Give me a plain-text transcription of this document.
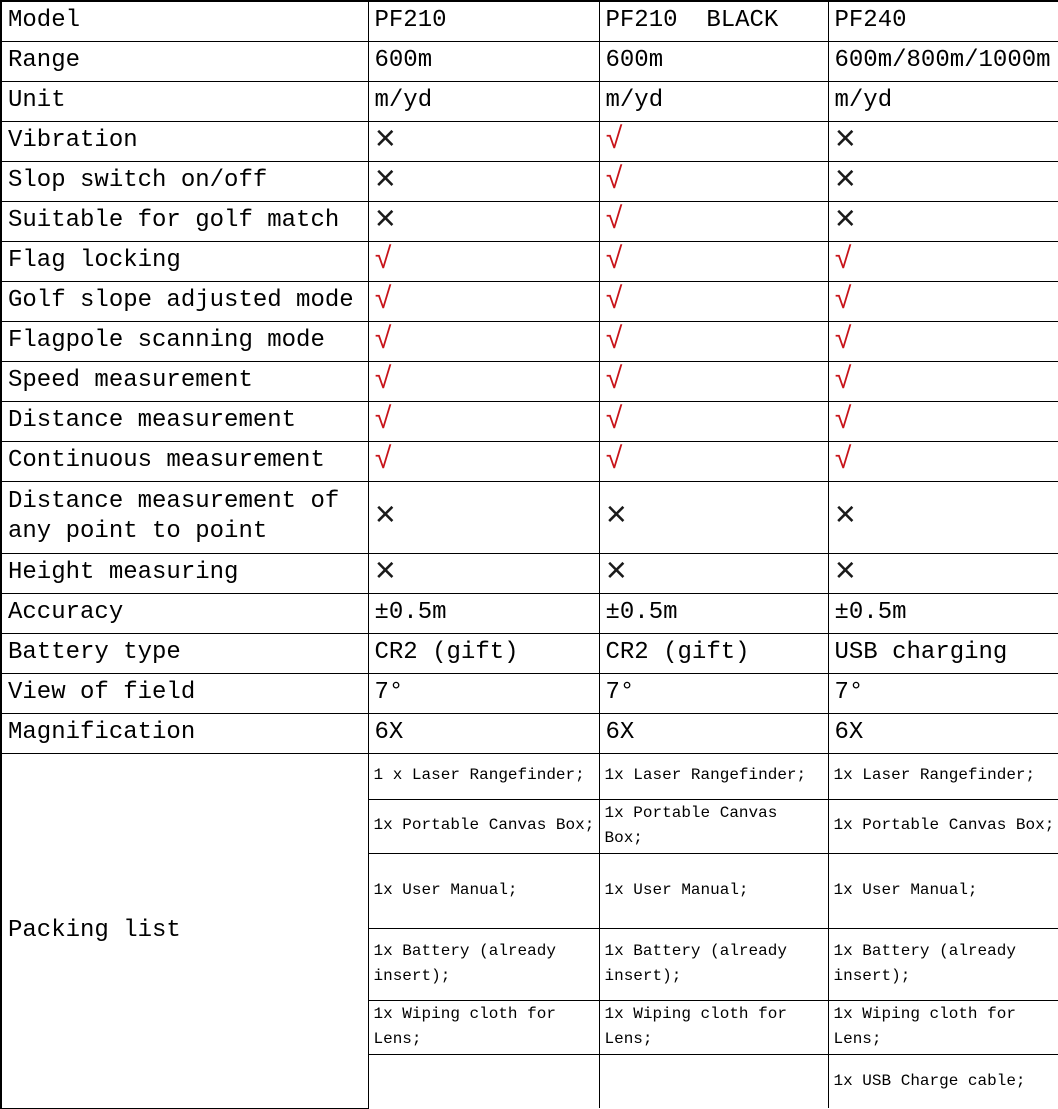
Model	PF210	PF210  BLACK	PF240
Range	600m	600m	600m/800m/1000m
Unit	m/yd	m/yd	m/yd
Vibration	×	√	×
Slop switch on/off	×	√	×
Suitable for golf match	×	√	×
Flag locking	√	√	√
Golf slope adjusted mode	√	√	√
Flagpole scanning mode	√	√	√
Speed measurement	√	√	√
Distance measurement	√	√	√
Continuous measurement	√	√	√
Distance measurement of any point to point	×	×	×
Height measuring	×	×	×
Accuracy	±0.5m	±0.5m	±0.5m
Battery type	CR2 (gift)	CR2 (gift)	USB charging
View of field	7°	7°	7°
Magnification	6X	6X	6X
Packing list	1 x Laser Rangefinder;	1x Laser Rangefinder;	1x Laser Rangefinder;
	1x Portable Canvas Box;	1x Portable Canvas Box;	1x Portable Canvas Box;
	1x User Manual;	1x User Manual;	1x User Manual;
	1x Battery (already insert);	1x Battery (already insert);	1x Battery (already insert);
	1x Wiping cloth for Lens;	1x Wiping cloth for Lens;	1x Wiping cloth for Lens;
			1x USB Charge cable;
